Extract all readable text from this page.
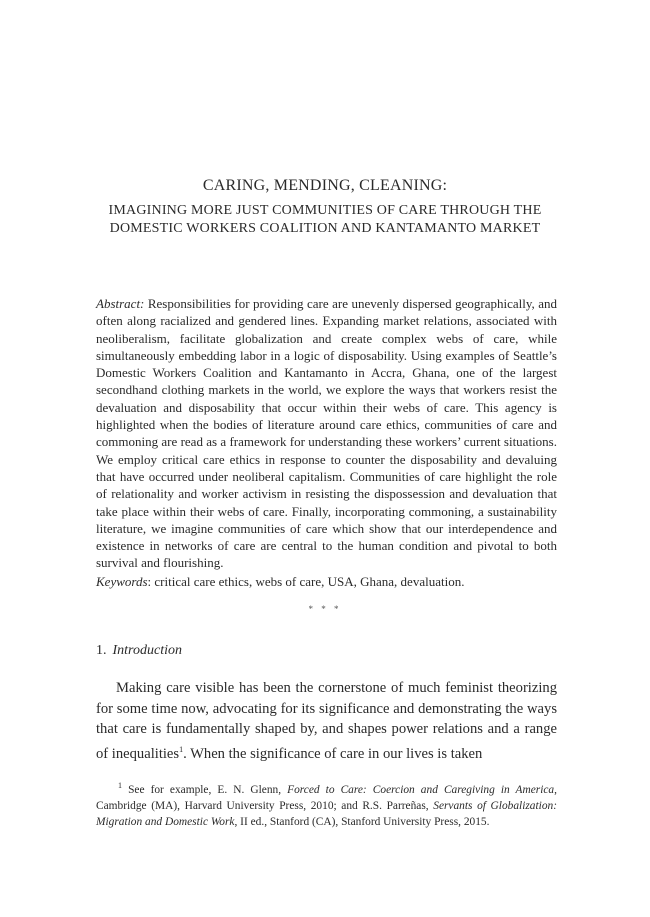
CARING, MENDING, CLEANING:
IMAGINING MORE JUST COMMUNITIES OF CARE THROUGH THE DOMESTIC WORKERS COALITION AND KANTAMANTO MARKET

Abstract: Responsibilities for providing care are unevenly dispersed geographically, and often along racialized and gendered lines. Expanding market relations, associated with neoliberalism, facilitate globalization and create complex webs of care, while simultaneously embedding labor in a logic of disposability. Using examples of Seattle’s Domestic Workers Coalition and Kantamanto in Accra, Ghana, one of the largest secondhand clothing markets in the world, we explore the ways that workers resist the devaluation and disposability that occur within their webs of care. This agency is highlighted when the bodies of literature around care ethics, communities of care and commoning are read as a framework for understanding these workers’ current situations. We employ critical care ethics in response to counter the disposability and devaluing that have occurred under neoliberal capitalism. Communities of care highlight the role of relationality and worker activism in resisting the dispossession and devaluation that take place within their webs of care. Finally, incorporating commoning, a sustainability literature, we imagine communities of care which show that our interdependence and existence in networks of care are central to the human condition and pivotal to both survival and flourishing.

Keywords: critical care ethics, webs of care, USA, Ghana, devaluation.

* * *
1. Introduction

Making care visible has been the cornerstone of much feminist theorizing for some time now, advocating for its significance and demonstrating the ways that care is fundamentally shaped by, and shapes power relations and a range of inequalities$^1$. When the significance of care in our lives is taken

$^1$ See for example, E. N. Glenn, Forced to Care: Coercion and Caregiving in America, Cambridge (MA), Harvard University Press, 2010; and R.S. Parreñas, Servants of Globalization: Migration and Domestic Work, II ed., Stanford (CA), Stanford University Press, 2015.
